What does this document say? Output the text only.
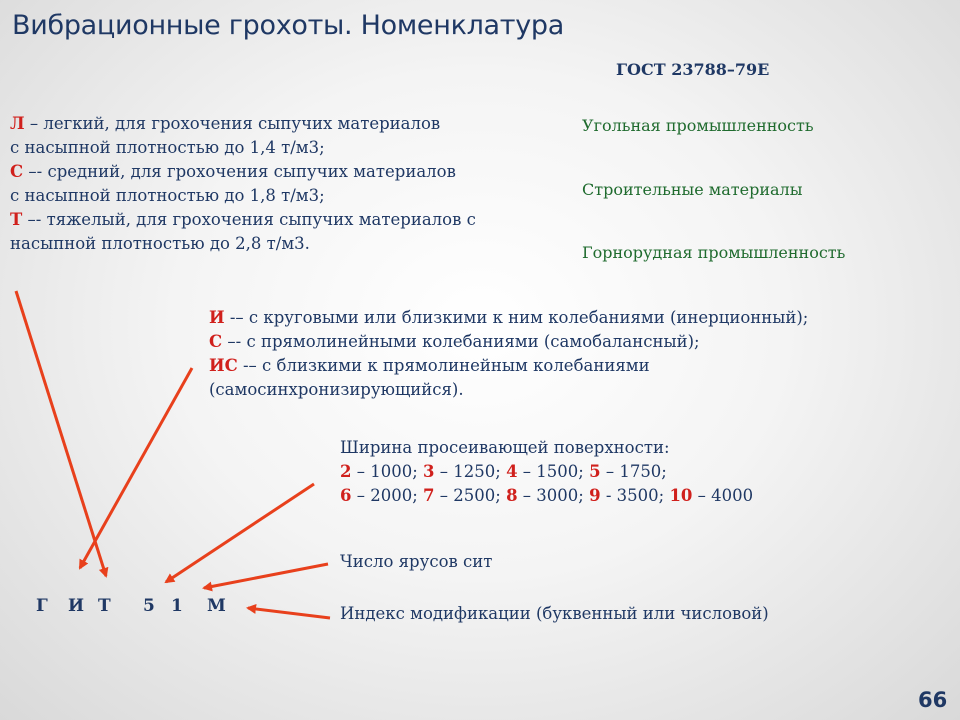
Вибрационные грохоты. Номенклатура
ГОСТ 23788–79Е
Угольная промышленность
Строительные материалы
Горнорудная промышленность
Л – легкий, для грохочения сыпучих материалов
с насыпной плотностью до 1,4 т/м3;
С –- средний, для грохочения сыпучих материалов
с насыпной плотностью до 1,8 т/м3;
Т –- тяжелый, для грохочения сыпучих материалов с
насыпной плотностью до 2,8 т/м3.
И -– с круговыми или близкими к ним колебаниями (инерционный);
С –- с прямолинейными колебаниями (самобалансный);
ИС -– с близкими к прямолинейным колебаниями
(самосинхронизирующийся).
Ширина просеивающей поверхности:
2 – 1000; 3 – 1250; 4 – 1500; 5 – 1750;
6 – 2000; 7 – 2500; 8 – 3000; 9 - 3500; 10 – 4000
Число ярусов сит
Индекс модификации (буквенный или числовой)
Г И Т 5 1 М
66
